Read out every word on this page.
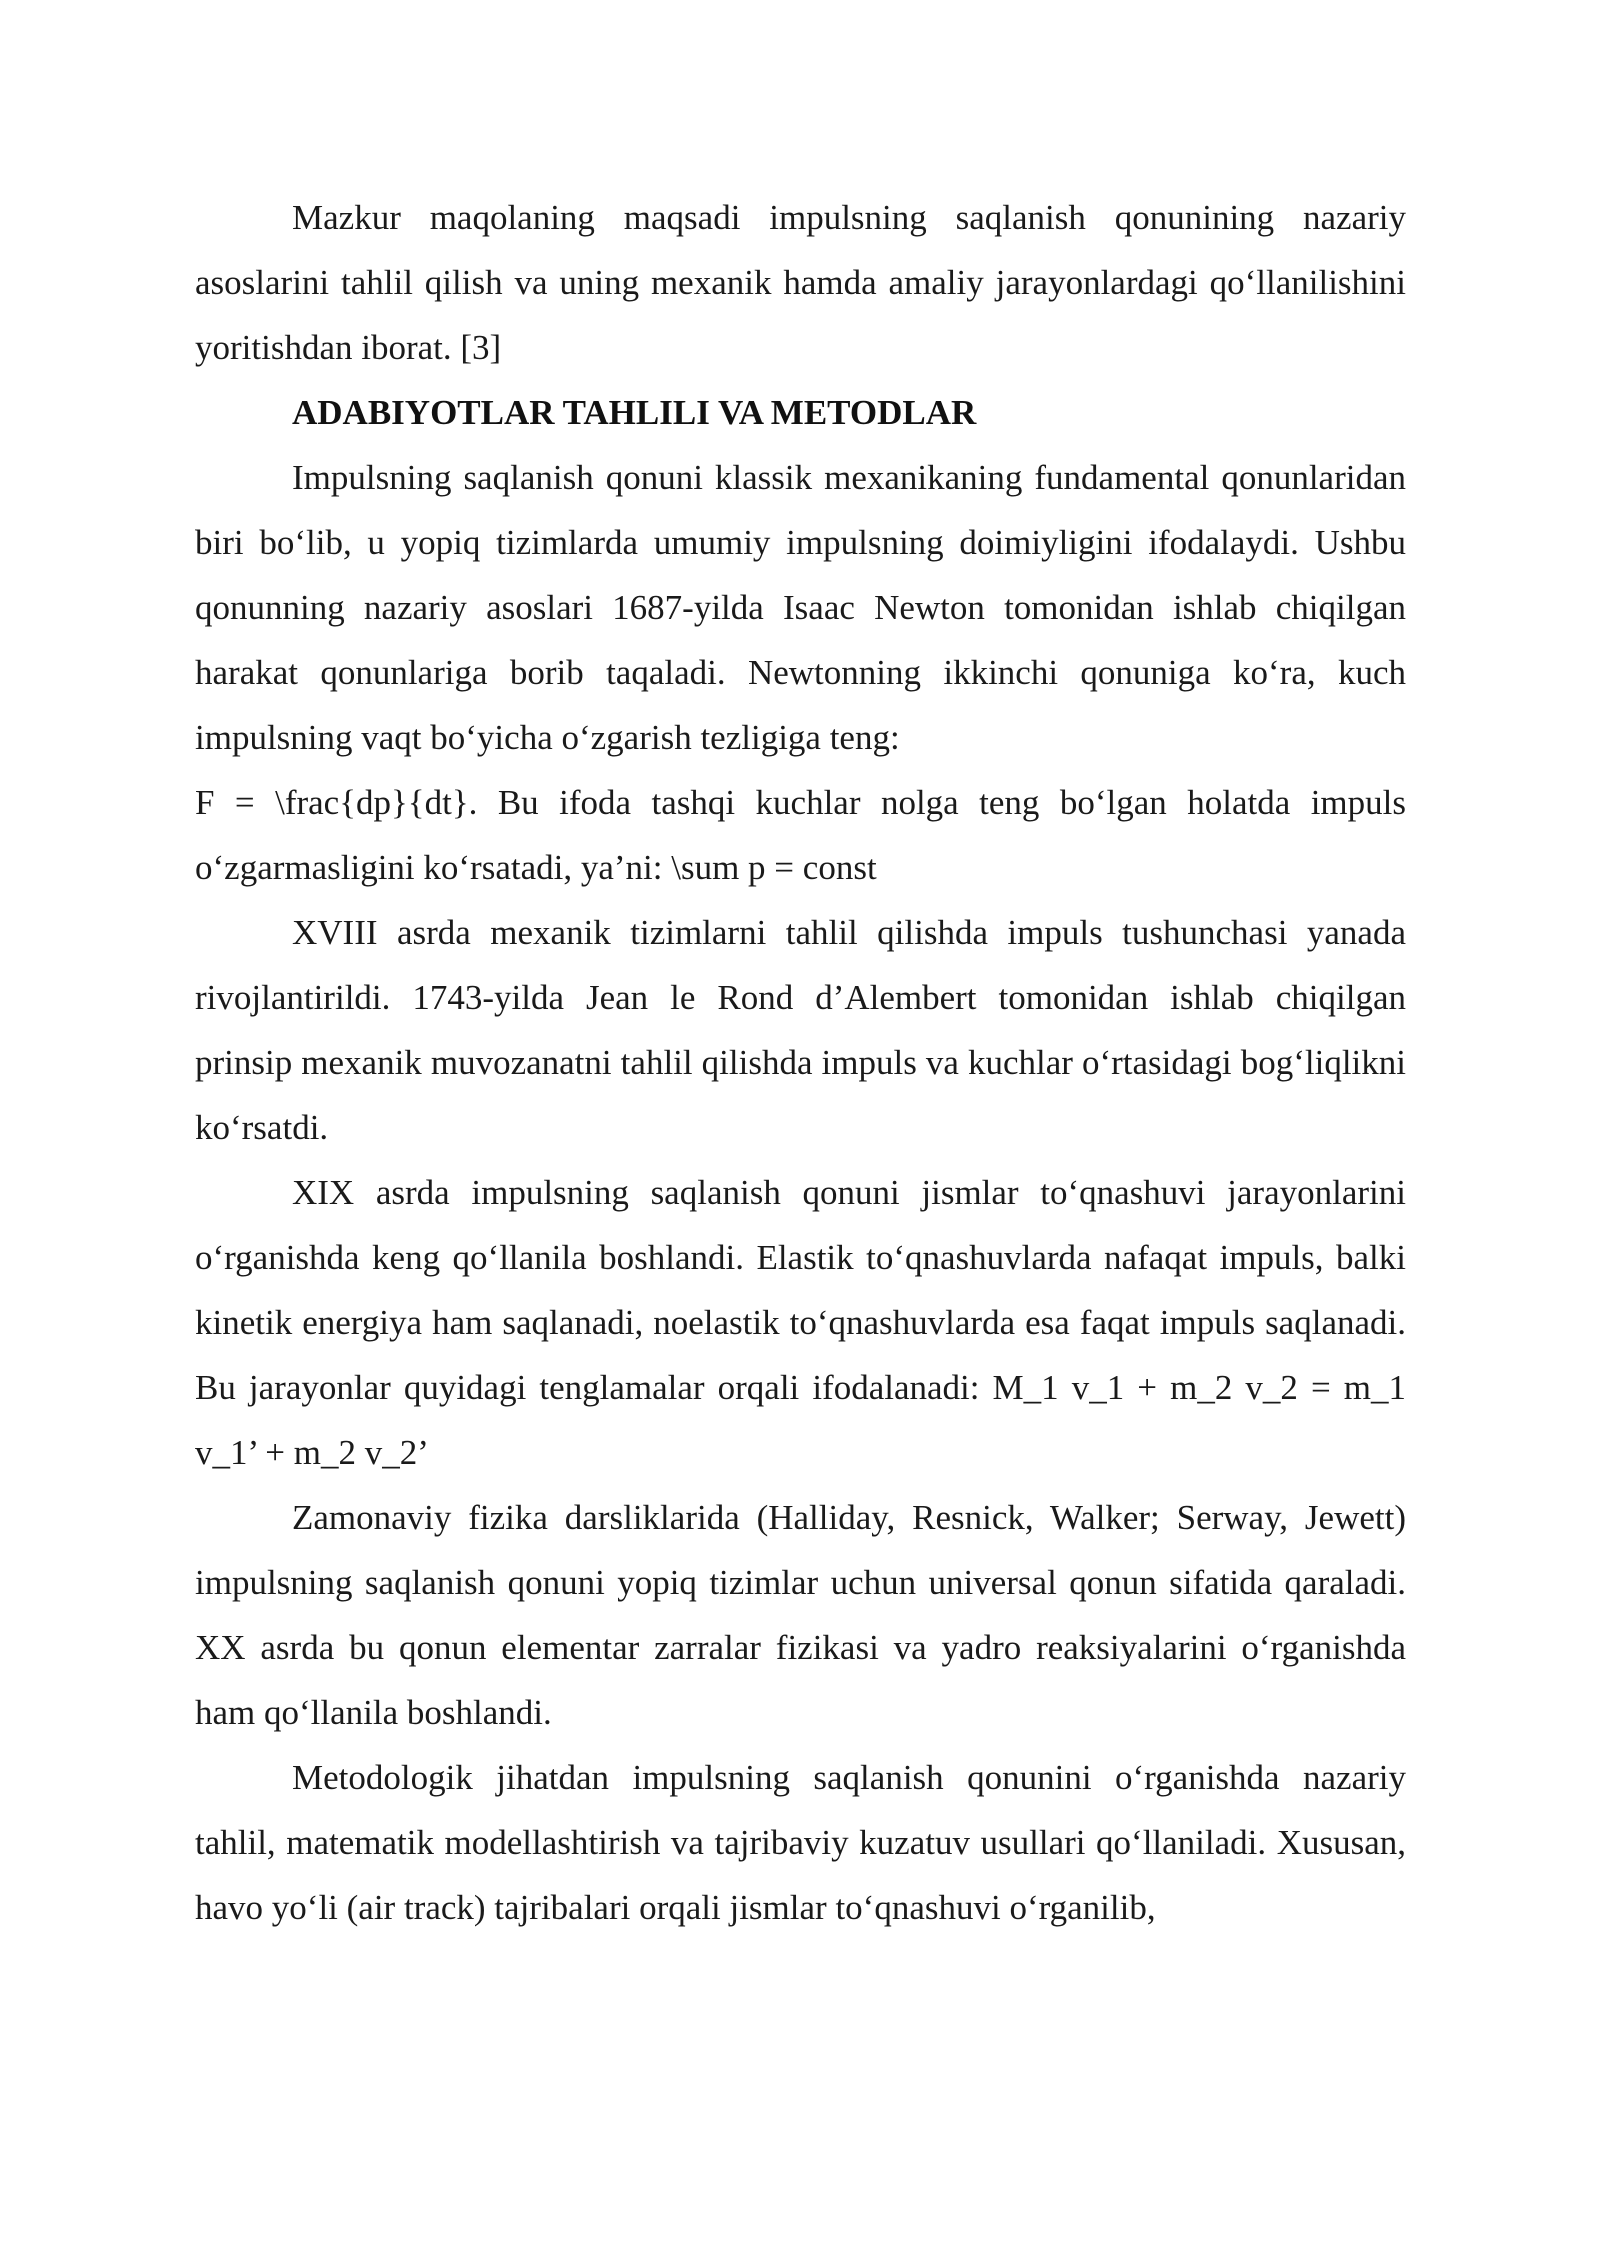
Mazkur maqolaning maqsadi impulsning saqlanish qonunining nazariy asoslarini tahlil qilish va uning mexanik hamda amaliy jarayonlardagi qo‘llanilishini yoritishdan iborat. [3]

ADABIYOTLAR TAHLILI VA METODLAR

Impulsning saqlanish qonuni klassik mexanikaning fundamental qonunlaridan biri bo‘lib, u yopiq tizimlarda umumiy impulsning doimiyligini ifodalaydi. Ushbu qonunning nazariy asoslari 1687-yilda Isaac Newton tomonidan ishlab chiqilgan harakat qonunlariga borib taqaladi. Newtonning ikkinchi qonuniga ko‘ra, kuch impulsning vaqt bo‘yicha o‘zgarish tezligiga teng:

F = \frac{dp}{dt}. Bu ifoda tashqi kuchlar nolga teng bo‘lgan holatda impuls o‘zgarmasligini ko‘rsatadi, ya’ni: \sum p = const

XVIII asrda mexanik tizimlarni tahlil qilishda impuls tushunchasi yanada rivojlantirildi. 1743-yilda Jean le Rond d’Alembert tomonidan ishlab chiqilgan prinsip mexanik muvozanatni tahlil qilishda impuls va kuchlar o‘rtasidagi bog‘liqlikni ko‘rsatdi.

XIX asrda impulsning saqlanish qonuni jismlar to‘qnashuvi jarayonlarini o‘rganishda keng qo‘llanila boshlandi. Elastik to‘qnashuvlarda nafaqat impuls, balki kinetik energiya ham saqlanadi, noelastik to‘qnashuvlarda esa faqat impuls saqlanadi. Bu jarayonlar quyidagi tenglamalar orqali ifodalanadi: M_1 v_1 + m_2 v_2 = m_1 v_1’ + m_2 v_2’

Zamonaviy fizika darsliklarida (Halliday, Resnick, Walker; Serway, Jewett) impulsning saqlanish qonuni yopiq tizimlar uchun universal qonun sifatida qaraladi. XX asrda bu qonun elementar zarralar fizikasi va yadro reaksiyalarini o‘rganishda ham qo‘llanila boshlandi.

Metodologik jihatdan impulsning saqlanish qonunini o‘rganishda nazariy tahlil, matematik modellashtirish va tajribaviy kuzatuv usullari qo‘llaniladi. Xususan, havo yo‘li (air track) tajribalari orqali jismlar to‘qnashuvi o‘rganilib,
